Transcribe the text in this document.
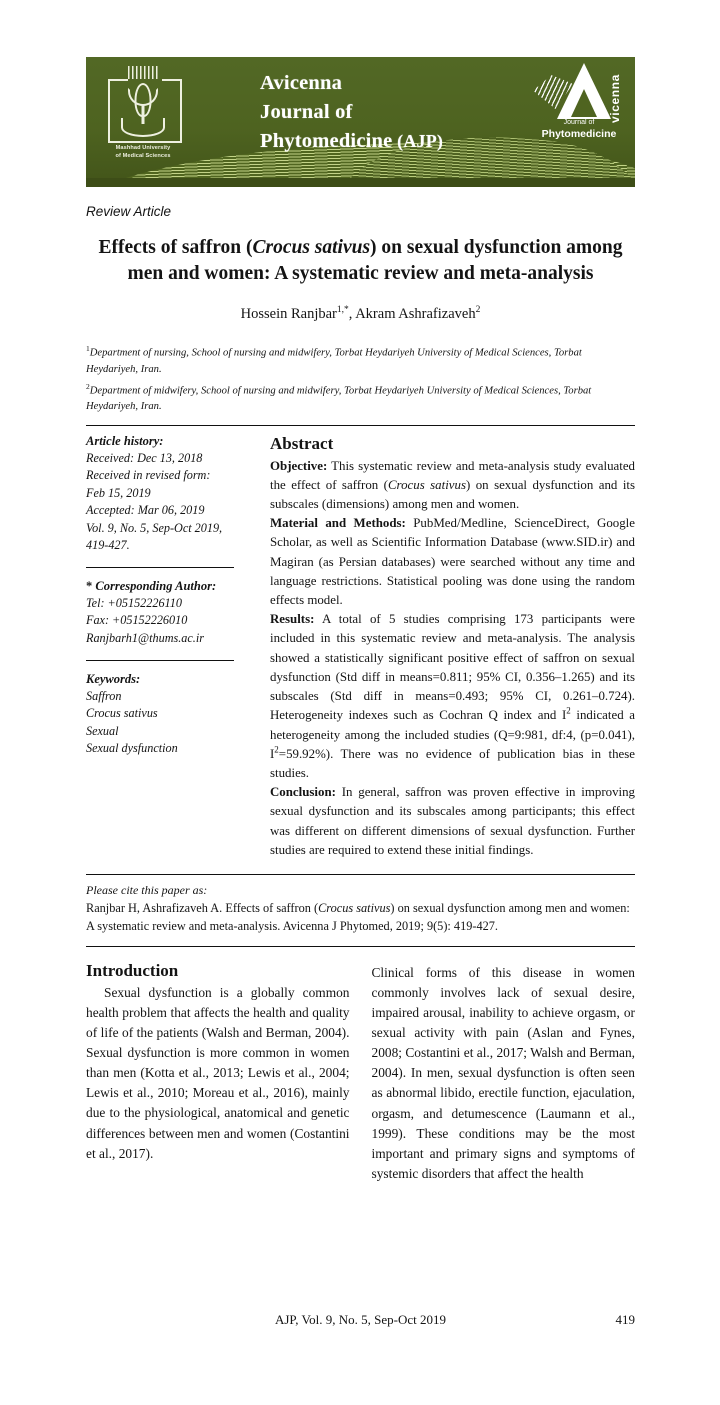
Mashhad University
of Medical Sciences
Avicenna
Journal of
Phytomedicine (AJP)
vicenna
Journal of
Phytomedicine
Review Article
Effects of saffron (Crocus sativus) on sexual dysfunction among men and women: A systematic review and meta-analysis
Hossein Ranjbar$^{1,*}$, Akram Ashrafizaveh$^2$

$^1$Department of nursing, School of nursing and midwifery, Torbat Heydariyeh University of Medical Sciences, Torbat Heydariyeh, Iran.

$^2$Department of midwifery, School of nursing and midwifery, Torbat Heydariyeh University of Medical Sciences, Torbat Heydariyeh, Iran.

Article history:
Received: Dec 13, 2018
Received in revised form:
Feb 15, 2019
Accepted: Mar 06, 2019
Vol. 9, No. 5, Sep-Oct 2019,
419-427.
* Corresponding Author:
Tel: +05152226110
Fax: +05152226010
Ranjbarh1@thums.ac.ir
Keywords:
Saffron
Crocus sativus
Sexual
Sexual dysfunction
Abstract

Objective: This systematic review and meta-analysis study evaluated the effect of saffron (Crocus sativus) on sexual dysfunction and its subscales (dimensions) among men and women.

Material and Methods: PubMed/Medline, ScienceDirect, Google Scholar, as well as Scientific Information Database (www.SID.ir) and Magiran (as Persian databases) were searched without any time and language restrictions. Statistical pooling was done using the random effects model.

Results: A total of 5 studies comprising 173 participants were included in this systematic review and meta-analysis. The analysis showed a statistically significant positive effect of saffron on sexual dysfunction (Std diff in means=0.811; 95% CI, 0.356–1.265) and its subscales (Std diff in means=0.493; 95% CI, 0.261–0.724). Heterogeneity indexes such as Cochran Q index and $I^2$ indicated a heterogeneity among the included studies (Q=9:981, df:4, (p=0.041), $I^2=59.92\%$). There was no evidence of publication bias in these studies.

Conclusion: In general, saffron was proven effective in improving sexual dysfunction and its subscales among participants; this effect was different on different dimensions of sexual dysfunction. Further studies are required to extend these initial findings.

Please cite this paper as:

Ranjbar H, Ashrafizaveh A. Effects of saffron (Crocus sativus) on sexual dysfunction among men and women: A systematic review and meta-analysis. Avicenna J Phytomed, 2019; 9(5): 419-427.

Introduction

Sexual dysfunction is a globally common health problem that affects the health and quality of life of the patients (Walsh and Berman, 2004). Sexual dysfunction is more common in women than men (Kotta et al., 2013; Lewis et al., 2004; Lewis et al., 2010; Moreau et al., 2016), mainly due to the physiological, anatomical and genetic differences between men and women (Costantini et al., 2017).

Clinical forms of this disease in women commonly involves lack of sexual desire, impaired arousal, inability to achieve orgasm, or sexual activity with pain (Aslan and Fynes, 2008; Costantini et al., 2017; Walsh and Berman, 2004). In men, sexual dysfunction is often seen as abnormal libido, erectile function, ejaculation, orgasm, and detumescence (Laumann et al., 1999). These conditions may be the most important and primary signs and symptoms of systemic disorders that affect the health

AJP, Vol. 9, No. 5, Sep-Oct 2019	419
